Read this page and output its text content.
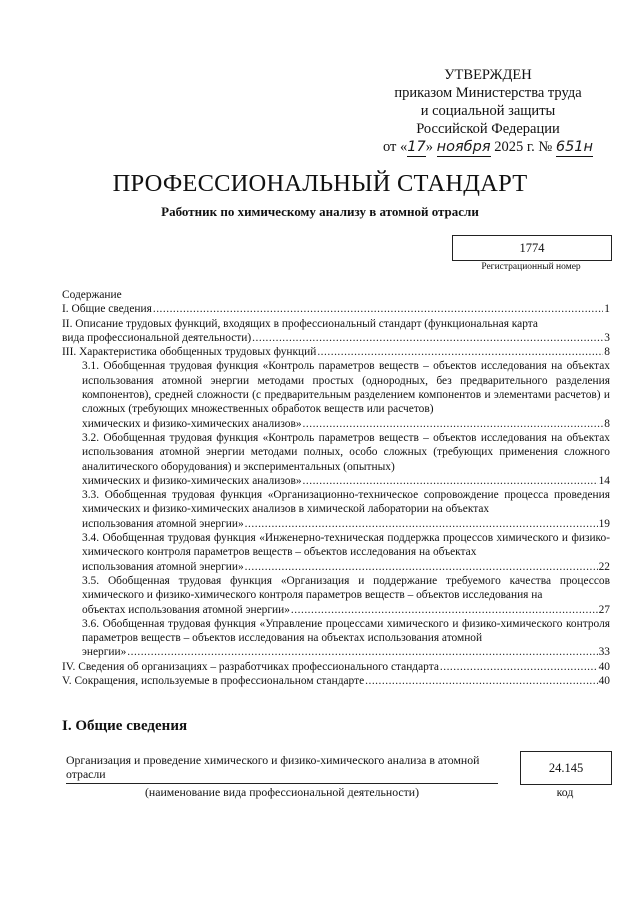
УТВЕРЖДЕН
приказом Министерства труда
и социальной защиты
Российской Федерации
от «17» ноября 2025 г. № 651н
ПРОФЕССИОНАЛЬНЫЙ СТАНДАРТ
Работник по химическому анализу в атомной отрасли
1774
Регистрационный номер
Содержание
I. Общие сведения .....	1
II. Описание трудовых функций, входящих в профессиональный стандарт (функциональная карта
вида профессиональной деятельности) .....	3
III. Характеристика обобщенных трудовых функций .....	8
3.1. Обобщенная трудовая функция «Контроль параметров веществ – объектов исследования на объектах использования атомной энергии методами простых (однородных, без предварительного разделения компонентов), средней сложности (с предварительным разделением компонентов и элементами расчетов) и сложных (требующих множественных обработок веществ или расчетов)
химических и физико-химических анализов» .....	8
3.2. Обобщенная трудовая функция «Контроль параметров веществ – объектов исследования на объектах использования атомной энергии методами полных, особо сложных (требующих применения сложного аналитического оборудования) и экспериментальных (опытных)
химических и физико-химических анализов» .....	14
3.3. Обобщенная трудовая функция «Организационно-техническое сопровождение процесса проведения химических и физико-химических анализов в химической лаборатории на объектах
использования атомной энергии» .....	19
3.4. Обобщенная трудовая функция «Инженерно-техническая поддержка процессов химического и физико-химического контроля параметров веществ – объектов исследования на объектах
использования атомной энергии» .....	22
3.5. Обобщенная трудовая функция «Организация и поддержание требуемого качества процессов химического и физико-химического контроля параметров веществ – объектов исследования на
объектах использования атомной энергии» .....	27
3.6. Обобщенная трудовая функция «Управление процессами химического и физико-химического контроля параметров веществ – объектов исследования на объектах использования атомной
энергии» .....	33
IV. Сведения об организациях – разработчиках профессионального стандарта .....	40
V. Сокращения, используемые в профессиональном стандарте .....	40
I. Общие сведения
Организация и проведение химического и физико-химического анализа в атомной отрасли	24.145
(наименование вида профессиональной деятельности)	код
